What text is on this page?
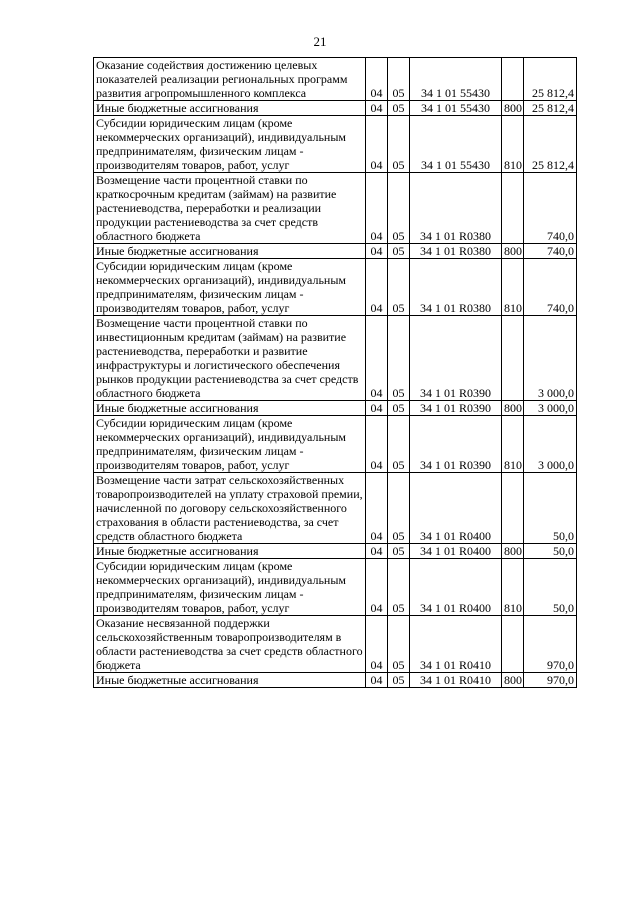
21
Оказание содействия достижению целевых показателей реализации региональных программ развития агропромышленного комплекса	04	05	34 1 01 55430		25 812,4
Иные бюджетные ассигнования	04	05	34 1 01 55430	800	25 812,4
Субсидии юридическим лицам (кроме некоммерческих организаций), индивидуальным предпринимателям, физическим лицам - производителям товаров, работ, услуг	04	05	34 1 01 55430	810	25 812,4
Возмещение части процентной ставки по краткосрочным кредитам (займам) на развитие растениеводства, переработки и реализации продукции растениеводства за счет средств областного бюджета	04	05	34 1 01 R0380		740,0
Иные бюджетные ассигнования	04	05	34 1 01 R0380	800	740,0
Субсидии юридическим лицам (кроме некоммерческих организаций), индивидуальным предпринимателям, физическим лицам - производителям товаров, работ, услуг	04	05	34 1 01 R0380	810	740,0
Возмещение части процентной ставки по инвестиционным кредитам (займам) на развитие растениеводства, переработки и развитие инфраструктуры и логистического обеспечения рынков продукции растениеводства за счет средств областного бюджета	04	05	34 1 01 R0390		3 000,0
Иные бюджетные ассигнования	04	05	34 1 01 R0390	800	3 000,0
Субсидии юридическим лицам (кроме некоммерческих организаций), индивидуальным предпринимателям, физическим лицам - производителям товаров, работ, услуг	04	05	34 1 01 R0390	810	3 000,0
Возмещение части затрат сельскохозяйственных товаропроизводителей на уплату страховой премии, начисленной по договору сельскохозяйственного страхования в области растениеводства, за счет средств областного бюджета	04	05	34 1 01 R0400		50,0
Иные бюджетные ассигнования	04	05	34 1 01 R0400	800	50,0
Субсидии юридическим лицам (кроме некоммерческих организаций), индивидуальным предпринимателям, физическим лицам - производителям товаров, работ, услуг	04	05	34 1 01 R0400	810	50,0
Оказание несвязанной поддержки сельскохозяйственным товаропроизводителям в области растениеводства за счет средств областного бюджета	04	05	34 1 01 R0410		970,0
Иные бюджетные ассигнования	04	05	34 1 01 R0410	800	970,0
